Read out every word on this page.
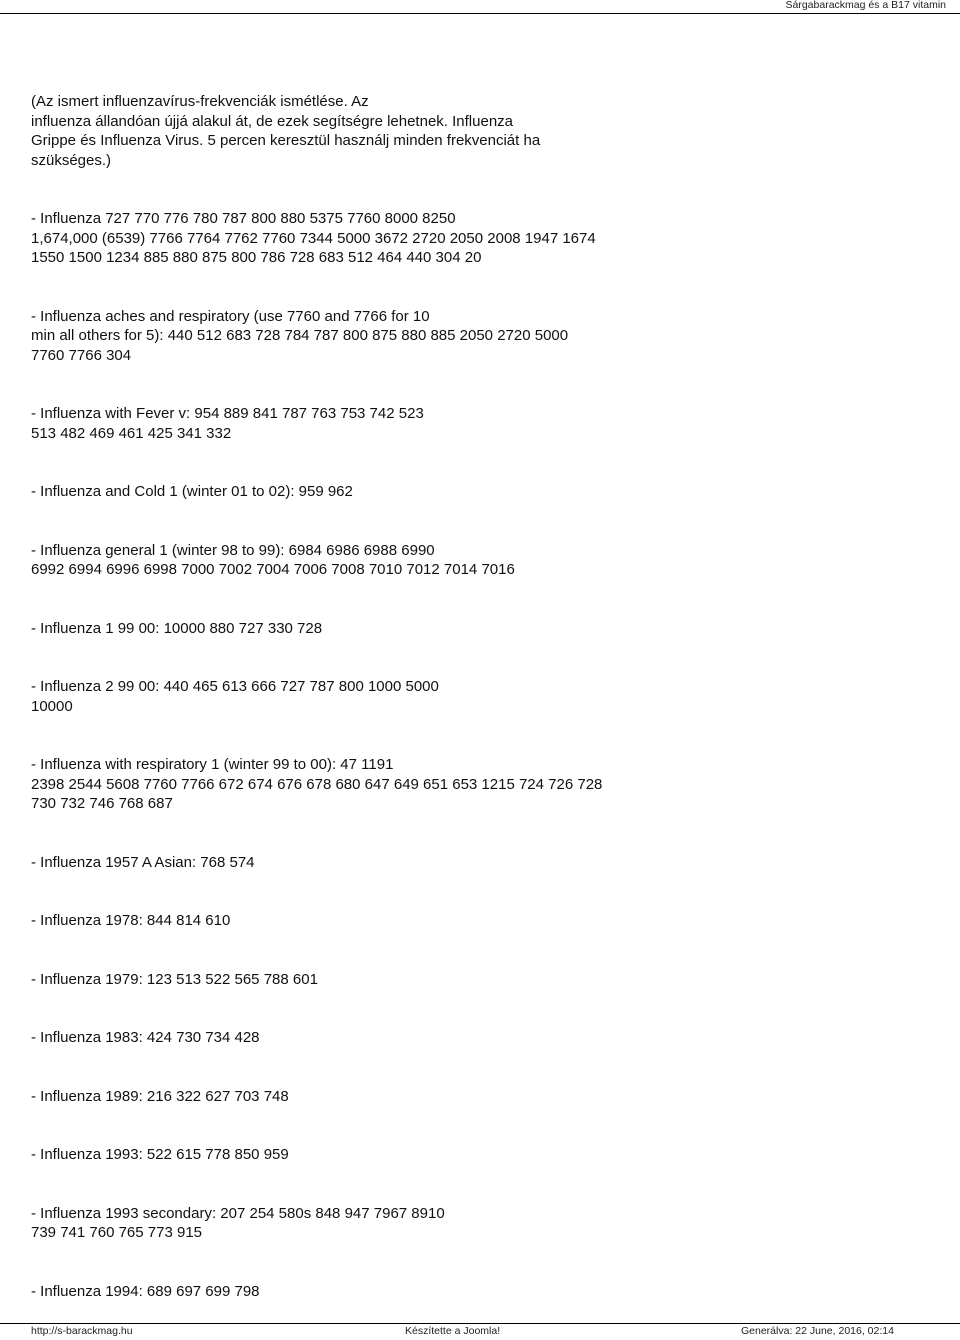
Sárgabarackmag és a B17 vitamin

(Az ismert influenzavírus-frekvenciák ismétlése. Az
influenza állandóan újjá alakul át, de ezek segítségre lehetnek. Influenza
Grippe és Influenza Virus. 5 percen keresztül használj minden frekvenciát ha
szükséges.)

- Influenza 727 770 776 780 787 800 880 5375 7760 8000 8250
1,674,000 (6539) 7766 7764 7762 7760 7344 5000 3672 2720 2050 2008 1947 1674
1550 1500 1234 885 880 875 800 786 728 683 512 464 440 304 20

- Influenza aches and respiratory (use 7760 and 7766 for 10
min all others for 5): 440 512 683 728 784 787 800 875 880 885 2050 2720 5000
7760 7766 304

- Influenza with Fever v: 954 889 841 787 763 753 742 523
513 482 469 461 425 341 332

- Influenza and Cold 1 (winter 01 to 02): 959 962

- Influenza general 1 (winter 98 to 99): 6984 6986 6988 6990
6992 6994 6996 6998 7000 7002 7004 7006 7008 7010 7012 7014 7016

- Influenza 1 99 00: 10000 880 727 330 728

- Influenza 2 99 00: 440 465 613 666 727 787 800 1000 5000
10000

- Influenza with respiratory 1 (winter 99 to 00): 47 1191
2398 2544 5608 7760 7766 672 674 676 678 680 647 649 651 653 1215 724 726 728
730 732 746 768 687

- Influenza 1957 A Asian: 768 574

- Influenza 1978: 844 814 610

- Influenza 1979: 123 513 522 565 788 601

- Influenza 1983: 424 730 734 428

- Influenza 1989: 216 322 627 703 748

- Influenza 1993: 522 615 778 850 959

- Influenza 1993 secondary: 207 254 580s 848 947 7967 8910
739 741 760 765 773 915

- Influenza 1994: 689 697 699 798

http://s-barackmag.hu	Készítette a Joomla!	Generálva: 22 June, 2016, 02:14
